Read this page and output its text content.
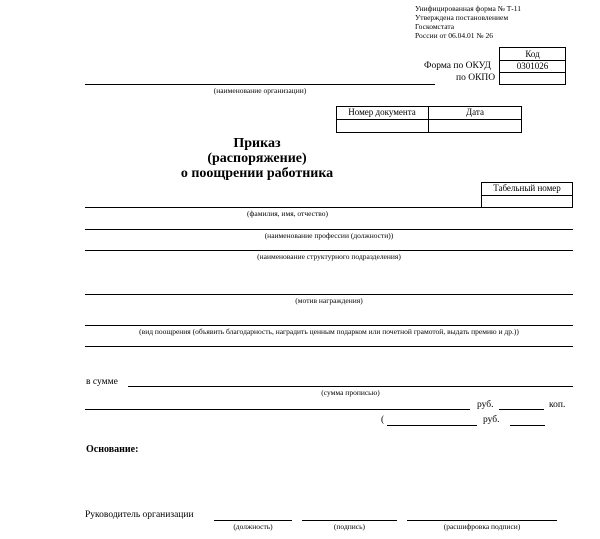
Унифицированная форма № Т-11
Утверждена постановлением
Госкомстата
России от 06.04.01 № 26
Код
Форма по ОКУД	0301026
по ОКПО
(наименование организации)
Номер документа	Дата
Приказ
(распоряжение)
о поощрении работника
Табельный номер
(фамилия, имя, отчество)
(наименование профессии (должности))
(наименование структурного подразделения)
(мотив награждения)
(вид поощрения (объявить благодарность, наградить ценным подарком или почетной грамотой, выдать премию и др.))
в сумме
(сумма прописью)
руб.	коп.
(	руб.
Основание:
Руководитель организации
(должность)	(подпись)	(расшифровка подписи)
